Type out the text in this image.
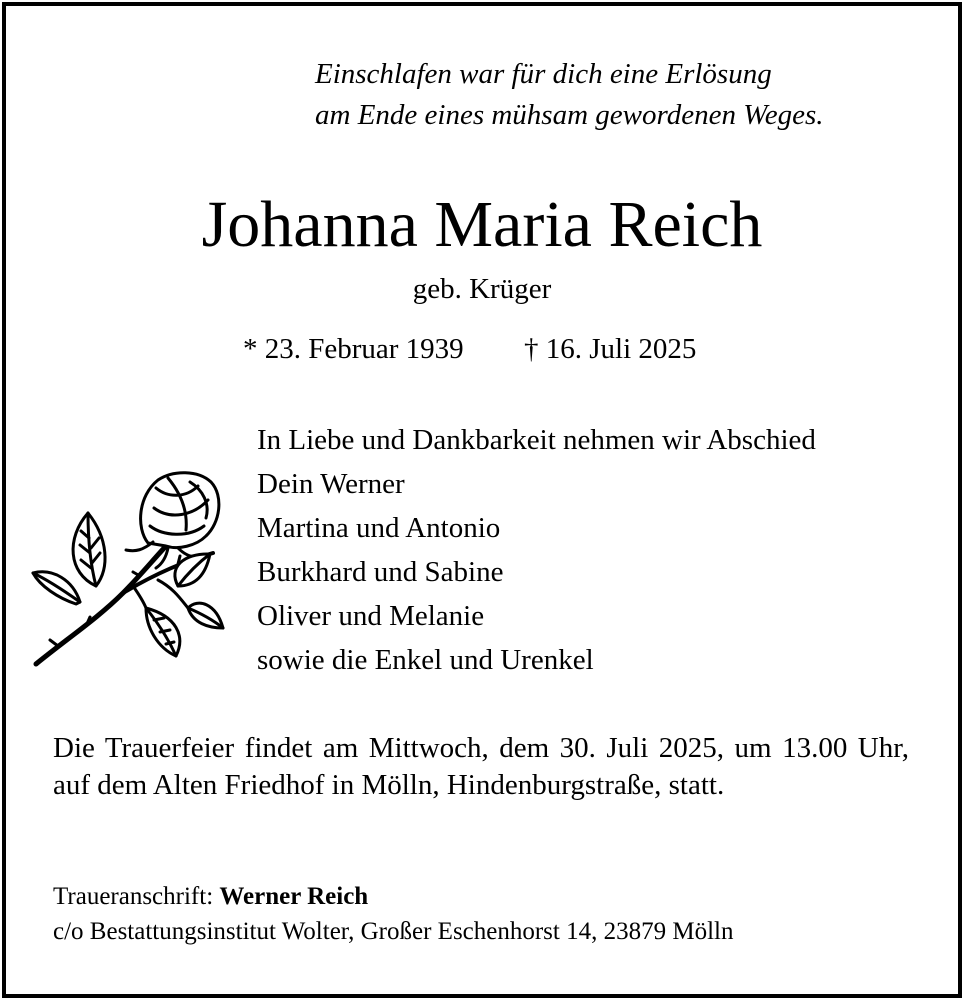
Einschlafen war für dich eine Erlösung
am Ende eines mühsam gewordenen Weges.
Johanna Maria Reich
geb. Krüger
* 23. Februar 1939 † 16. Juli 2025
In Liebe und Dankbarkeit nehmen wir Abschied
Dein Werner
Martina und Antonio
Burkhard und Sabine
Oliver und Melanie
sowie die Enkel und Urenkel
Die Trauerfeier findet am Mittwoch, dem 30. Juli 2025, um 13.00 Uhr, auf dem Alten Friedhof in Mölln, Hindenburgstraße, statt.
Traueranschrift: Werner Reich
c/o Bestattungsinstitut Wolter, Großer Eschenhorst 14, 23879 Mölln
